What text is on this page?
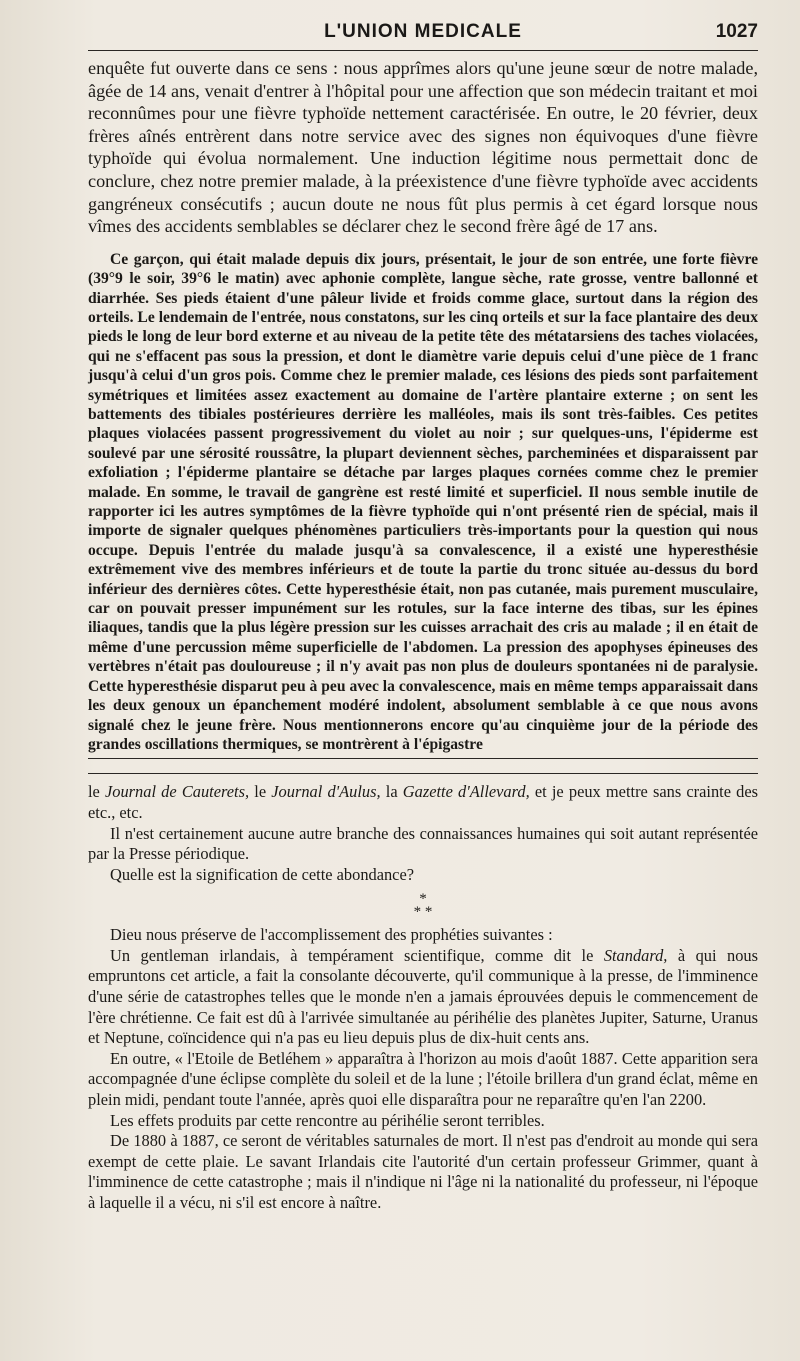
L'UNION MEDICALE	1027

enquête fut ouverte dans ce sens : nous apprîmes alors qu'une jeune sœur de notre malade, âgée de 14 ans, venait d'entrer à l'hôpital pour une affection que son médecin traitant et moi reconnûmes pour une fièvre typhoïde nettement caractérisée. En outre, le 20 février, deux frères aînés entrèrent dans notre service avec des signes non équivoques d'une fièvre typhoïde qui évolua normalement. Une induction légitime nous permettait donc de conclure, chez notre premier malade, à la préexistence d'une fièvre typhoïde avec accidents gangréneux consécutifs ; aucun doute ne nous fût plus permis à cet égard lorsque nous vîmes des accidents semblables se déclarer chez le second frère âgé de 17 ans.

Ce garçon, qui était malade depuis dix jours, présentait, le jour de son entrée, une forte fièvre (39°9 le soir, 39°6 le matin) avec aphonie complète, langue sèche, rate grosse, ventre ballonné et diarrhée. Ses pieds étaient d'une pâleur livide et froids comme glace, surtout dans la région des orteils. Le lendemain de l'entrée, nous constatons, sur les cinq orteils et sur la face plantaire des deux pieds le long de leur bord externe et au niveau de la petite tête des métatarsiens des taches violacées, qui ne s'effacent pas sous la pression, et dont le diamètre varie depuis celui d'une pièce de 1 franc jusqu'à celui d'un gros pois. Comme chez le premier malade, ces lésions des pieds sont parfaitement symétriques et limitées assez exactement au domaine de l'artère plantaire externe ; on sent les battements des tibiales postérieures derrière les malléoles, mais ils sont très-faibles. Ces petites plaques violacées passent progressivement du violet au noir ; sur quelques-uns, l'épiderme est soulevé par une sérosité roussâtre, la plupart deviennent sèches, parcheminées et disparaissent par exfoliation ; l'épiderme plantaire se détache par larges plaques cornées comme chez le premier malade. En somme, le travail de gangrène est resté limité et superficiel. Il nous semble inutile de rapporter ici les autres symptômes de la fièvre typhoïde qui n'ont présenté rien de spécial, mais il importe de signaler quelques phénomènes particuliers très-importants pour la question qui nous occupe. Depuis l'entrée du malade jusqu'à sa convalescence, il a existé une hyperesthésie extrêmement vive des membres inférieurs et de toute la partie du tronc située au-dessus du bord inférieur des dernières côtes. Cette hyperesthésie était, non pas cutanée, mais purement musculaire, car on pouvait presser impunément sur les rotules, sur la face interne des tibas, sur les épines iliaques, tandis que la plus légère pression sur les cuisses arrachait des cris au malade ; il en était de même d'une percussion même superficielle de l'abdomen. La pression des apophyses épineuses des vertèbres n'était pas douloureuse ; il n'y avait pas non plus de douleurs spontanées ni de paralysie. Cette hyperesthésie disparut peu à peu avec la convalescence, mais en même temps apparaissait dans les deux genoux un épanchement modéré indolent, absolument semblable à ce que nous avons signalé chez le jeune frère. Nous mentionnerons encore qu'au cinquième jour de la période des grandes oscillations thermiques, se montrèrent à l'épigastre

le Journal de Cauterets, le Journal d'Aulus, la Gazette d'Allevard, et je peux mettre sans crainte des etc., etc.

Il n'est certainement aucune autre branche des connaissances humaines qui soit autant représentée par la Presse périodique.

Quelle est la signification de cette abondance?

*
* *

Dieu nous préserve de l'accomplissement des prophéties suivantes :

Un gentleman irlandais, à tempérament scientifique, comme dit le Standard, à qui nous empruntons cet article, a fait la consolante découverte, qu'il communique à la presse, de l'imminence d'une série de catastrophes telles que le monde n'en a jamais éprouvées depuis le commencement de l'ère chrétienne. Ce fait est dû à l'arrivée simultanée au périhélie des planètes Jupiter, Saturne, Uranus et Neptune, coïncidence qui n'a pas eu lieu depuis plus de dix-huit cents ans.

En outre, « l'Etoile de Betléhem » apparaîtra à l'horizon au mois d'août 1887. Cette apparition sera accompagnée d'une éclipse complète du soleil et de la lune ; l'étoile brillera d'un grand éclat, même en plein midi, pendant toute l'année, après quoi elle disparaîtra pour ne reparaître qu'en l'an 2200.

Les effets produits par cette rencontre au périhélie seront terribles.

De 1880 à 1887, ce seront de véritables saturnales de mort. Il n'est pas d'endroit au monde qui sera exempt de cette plaie. Le savant Irlandais cite l'autorité d'un certain professeur Grimmer, quant à l'imminence de cette catastrophe ; mais il n'indique ni l'âge ni la nationalité du professeur, ni l'époque à laquelle il a vécu, ni s'il est encore à naître.
